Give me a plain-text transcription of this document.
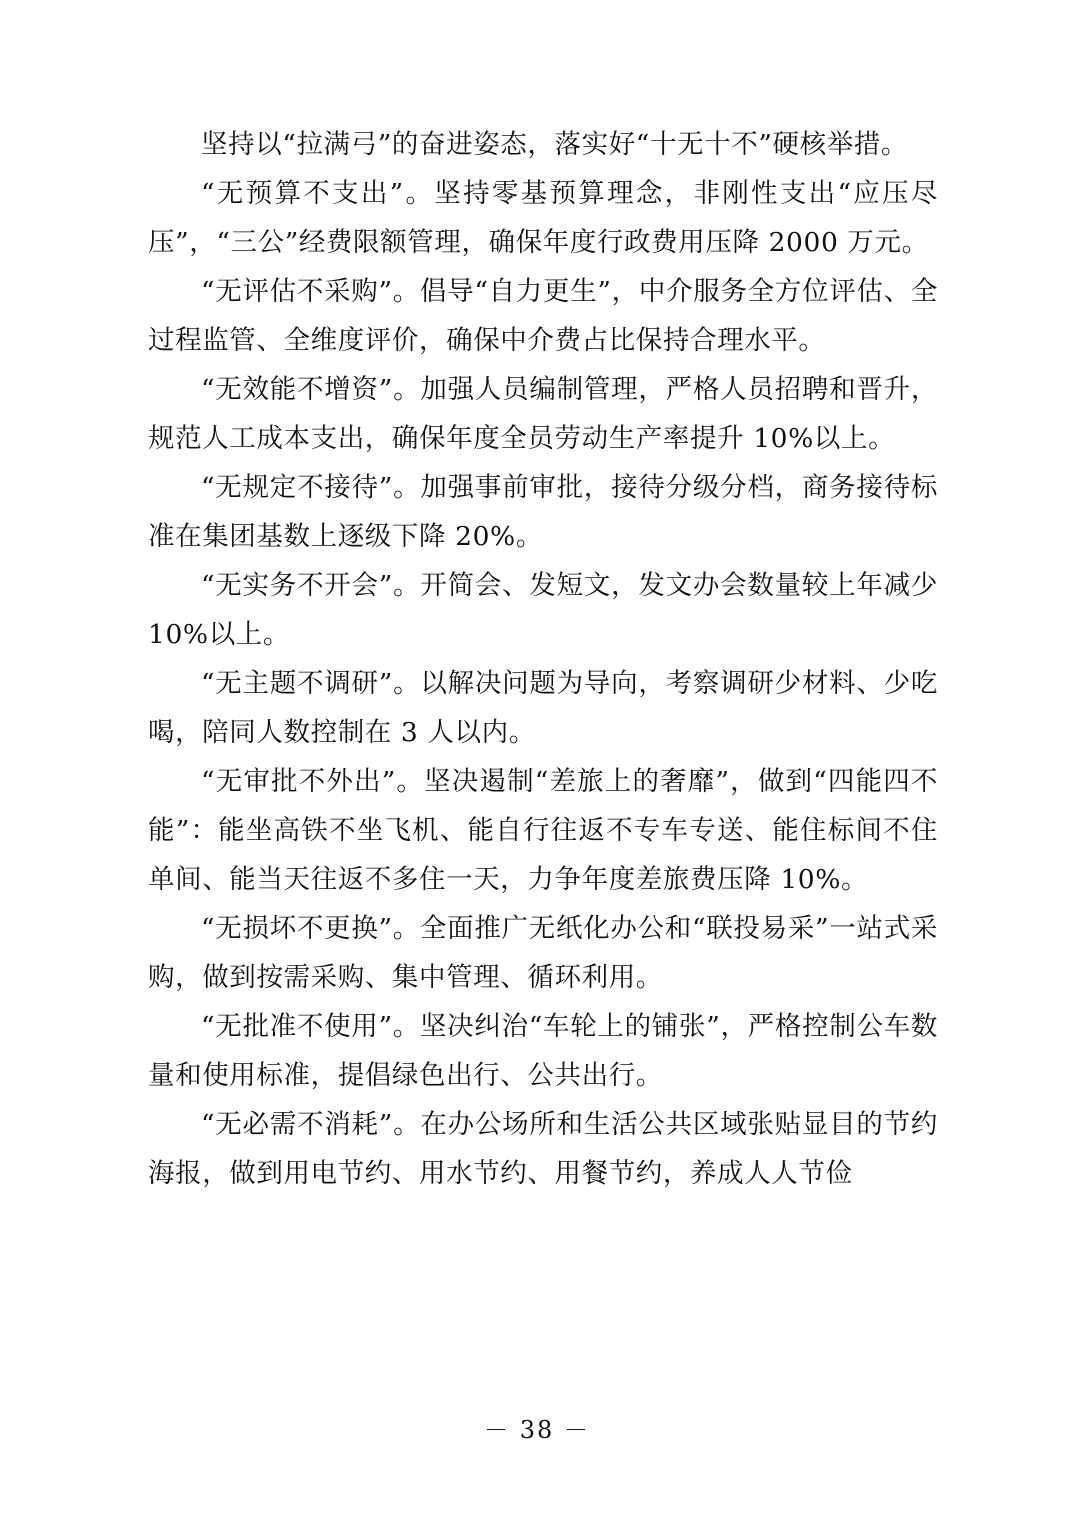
坚持以“拉满弓”的奋进姿态，落实好“十无十不”硬核举措。

“无预算不支出”。坚持零基预算理念，非刚性支出“应压尽压”，“三公”经费限额管理，确保年度行政费用压降 2000 万元。

“无评估不采购”。倡导“自力更生”，中介服务全方位评估、全过程监管、全维度评价，确保中介费占比保持合理水平。

“无效能不增资”。加强人员编制管理，严格人员招聘和晋升，规范人工成本支出，确保年度全员劳动生产率提升 10%以上。

“无规定不接待”。加强事前审批，接待分级分档，商务接待标准在集团基数上逐级下降 20%。

“无实务不开会”。开简会、发短文，发文办会数量较上年减少 10%以上。

“无主题不调研”。以解决问题为导向，考察调研少材料、少吃喝，陪同人数控制在 3 人以内。

“无审批不外出”。坚决遏制“差旅上的奢靡”，做到“四能四不能”：能坐高铁不坐飞机、能自行往返不专车专送、能住标间不住单间、能当天往返不多住一天，力争年度差旅费压降 10%。

“无损坏不更换”。全面推广无纸化办公和“联投易采”一站式采购，做到按需采购、集中管理、循环利用。

“无批准不使用”。坚决纠治“车轮上的铺张”，严格控制公车数量和使用标准，提倡绿色出行、公共出行。

“无必需不消耗”。在办公场所和生活公共区域张贴显目的节约海报，做到用电节约、用水节约、用餐节约，养成人人节俭

－ 38 －
